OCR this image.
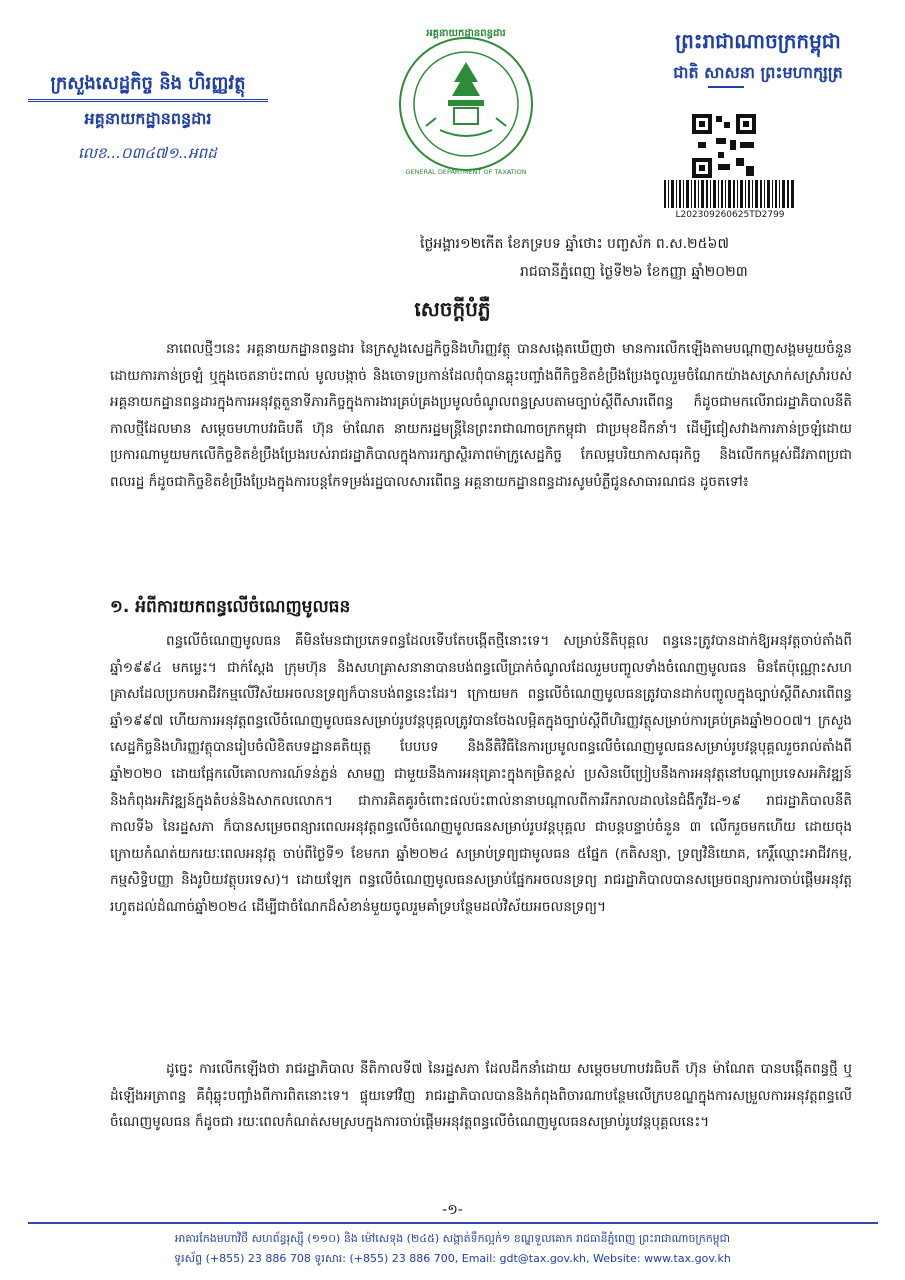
ក្រសួងសេដ្ឋកិច្ច និង ហិរញ្ញវត្ថុ
អគ្គនាយកដ្ឋានពន្ធដារ
លេខ...០៣៤៧១..អពដ
អគ្គនាយកដ្ឋានពន្ធដារ
GENERAL DEPARTMENT OF TAXATION
ព្រះរាជាណាចក្រកម្ពុជា
ជាតិ សាសនា ព្រះមហាក្សត្រ
L202309260625TD2799
ថ្ងៃអង្គារ១២កើត ខែភទ្របទ ឆ្នាំថោះ បញ្ចស័ក ព.ស.២៥៦៧
រាជធានីភ្នំពេញ ថ្ងៃទី២៦ ខែកញ្ញា ឆ្នាំ២០២៣
សេចក្តីបំភ្លឺ
នាពេលថ្មីៗនេះ អគ្គនាយកដ្ឋានពន្ធដារ នៃក្រសួងសេដ្ឋកិច្ចនិងហិរញ្ញវត្ថុ បានសង្កេតឃើញថា មានការលើកឡើងតាមបណ្តាញសង្គមមួយចំនួនដោយការភាន់ច្រឡំ ឬក្នុងចេតនាប៉ះពាល់ មូលបង្កាច់ និងចោទប្រកាន់ដែលពុំបានឆ្លុះបញ្ចាំងពីកិច្ចខិតខំប្រឹងប្រែងចូលរួមចំណែកយ៉ាងសស្រាក់សស្រាំរបស់អគ្គនាយកដ្ឋានពន្ធដារក្នុងការអនុវត្តតួនាទីភារកិច្ចក្នុងការងារគ្រប់គ្រងប្រមូលចំណូលពន្ធស្របតាមច្បាប់ស្តីពីសារពើពន្ធ ក៏ដូចជាមកលើរាជរដ្ឋាភិបាលនីតិកាលថ្មីដែលមាន សម្តេចមហាបវរធិបតី ហ៊ុន ម៉ាណែត នាយករដ្ឋមន្ត្រីនៃព្រះរាជាណាចក្រកម្ពុជា ជាប្រមុខដឹកនាំ។ ដើម្បីជៀសវាងការភាន់ច្រឡំដោយប្រការណាមួយមកលើកិច្ចខិតខំប្រឹងប្រែងរបស់រាជរដ្ឋាភិបាលក្នុងការរក្សាស្ថិរភាពម៉ាក្រូសេដ្ឋកិច្ច កែលម្អបរិយាកាសធុរកិច្ច និងលើកកម្ពស់ជីវភាពប្រជាពលរដ្ឋ ក៏ដូចជាកិច្ចខិតខំប្រឹងប្រែងក្នុងការបន្តកែទម្រង់រដ្ឋបាលសារពើពន្ធ អគ្គនាយកដ្ឋានពន្ធដារសូមបំភ្លឺជូនសាធារណជន ដូចតទៅ៖
១. អំពីការយកពន្ធលើចំណេញមូលធន
ពន្ធលើចំណេញមូលធន គឺមិនមែនជាប្រភេទពន្ធដែលទើបតែបង្កើតថ្មីនោះទេ។ សម្រាប់នីតិបុគ្គល ពន្ធនេះត្រូវបានដាក់ឱ្យអនុវត្តចាប់តាំងពីឆ្នាំ១៩៩៤ មកម្លេះ។ ជាក់ស្តែង ក្រុមហ៊ុន និងសហគ្រាសនានាបានបង់ពន្ធលើប្រាក់ចំណូលដែលរួមបញ្ចូលទាំងចំណេញមូលធន មិនតែប៉ុណ្ណោះសហគ្រាសដែលប្រកបអាជីវកម្មលើវិស័យអចលនទ្រព្យក៏បានបង់ពន្ធនេះដែរ។ ក្រោយមក ពន្ធលើចំណេញមូលធនត្រូវបានដាក់បញ្ចូលក្នុងច្បាប់ស្តីពីសារពើពន្ធឆ្នាំ១៩៩៧ ហើយការអនុវត្តពន្ធលើចំណេញមូលធនសម្រាប់រូបវន្តបុគ្គលត្រូវបានចែងលម្អិតក្នុងច្បាប់ស្តីពីហិរញ្ញវត្ថុសម្រាប់ការគ្រប់គ្រងឆ្នាំ២០០៧។ ក្រសួងសេដ្ឋកិច្ចនិងហិរញ្ញវត្ថុបានរៀបចំលិខិតបទដ្ឋានគតិយុត្ត បែបបទ និងនីតិវិធីនៃការប្រមូលពន្ធលើចំណេញមូលធនសម្រាប់រូបវន្តបុគ្គលរួចរាល់តាំងពីឆ្នាំ២០២០ ដោយផ្អែកលើគោលការណ៍ទន់ភ្លន់ សាមញ្ញ ជាមួយនឹងការអនុគ្រោះក្នុងកម្រិតខ្ពស់ ប្រសិនបើប្រៀបនឹងការអនុវត្តនៅបណ្តាប្រទេសអភិវឌ្ឍន៍ និងកំពុងអភិវឌ្ឍន៍ក្នុងតំបន់និងសាកលលោក។ ជាការគិតគូរចំពោះផលប៉ះពាល់នានាបណ្តាលពីការរីករាលដាលនៃជំងឺកូវីដ-១៩ រាជរដ្ឋាភិបាលនីតិកាលទី៦ នៃរដ្ឋសភា ក៏បានសម្រេចពន្យារពេលអនុវត្តពន្ធលើចំណេញមូលធនសម្រាប់រូបវន្តបុគ្គល ជាបន្តបន្ទាប់ចំនួន ៣ លើករួចមកហើយ ដោយចុងក្រោយកំណត់យករយៈពេលអនុវត្ត ចាប់ពីថ្ងៃទី១ ខែមករា ឆ្នាំ២០២៤ សម្រាប់ទ្រព្យជាមូលធន ៥ផ្នែក (កតិសន្យា, ទ្រព្យវិនិយោគ, កេរ្តិ៍ឈ្មោះអាជីវកម្ម, កម្មសិទ្ធិបញ្ញា និងរូបិយវត្ថុបរទេស)។ ដោយឡែក ពន្ធលើចំណេញមូលធនសម្រាប់ផ្នែកអចលនទ្រព្យ រាជរដ្ឋាភិបាលបានសម្រេចពន្យារការចាប់ផ្តើមអនុវត្តរហូតដល់ដំណាច់ឆ្នាំ២០២៤ ដើម្បីជាចំណែកដ៏សំខាន់មួយចូលរួមគាំទ្របន្ថែមដល់វិស័យអចលនទ្រព្យ។
ដូច្នេះ ការលើកឡើងថា រាជរដ្ឋាភិបាល នីតិកាលទី៧ នៃរដ្ឋសភា ដែលដឹកនាំដោយ សម្តេចមហាបវរធិបតី ហ៊ុន ម៉ាណែត បានបង្កើតពន្ធថ្មី ឬដំឡើងអត្រាពន្ធ គឺពុំឆ្លុះបញ្ចាំងពីការពិតនោះទេ។ ផ្ទុយទៅវិញ រាជរដ្ឋាភិបាលបាននិងកំពុងពិចារណាបន្ថែមលើក្របខណ្ឌក្នុងការសម្រួលការអនុវត្តពន្ធលើចំណេញមូលធន ក៏ដូចជា រយៈពេលកំណត់សមស្របក្នុងការចាប់ផ្តើមអនុវត្តពន្ធលើចំណេញមូលធនសម្រាប់រូបវន្តបុគ្គលនេះ។
-១-
អាគារកែងមហាវិថី សហព័ន្ធរុស្ស៊ី (១១០) និង ម៉ៅសេទុង (២៤៥) សង្កាត់ទឹកល្អក់១ ខណ្ឌទួលគោក រាជធានីភ្នំពេញ ព្រះរាជាណាចក្រកម្ពុជា
ទូរស័ព្ទ (+855) 23 886 708 ទូរសារ: (+855) 23 886 700, Email: gdt@tax.gov.kh, Website: www.tax.gov.kh
